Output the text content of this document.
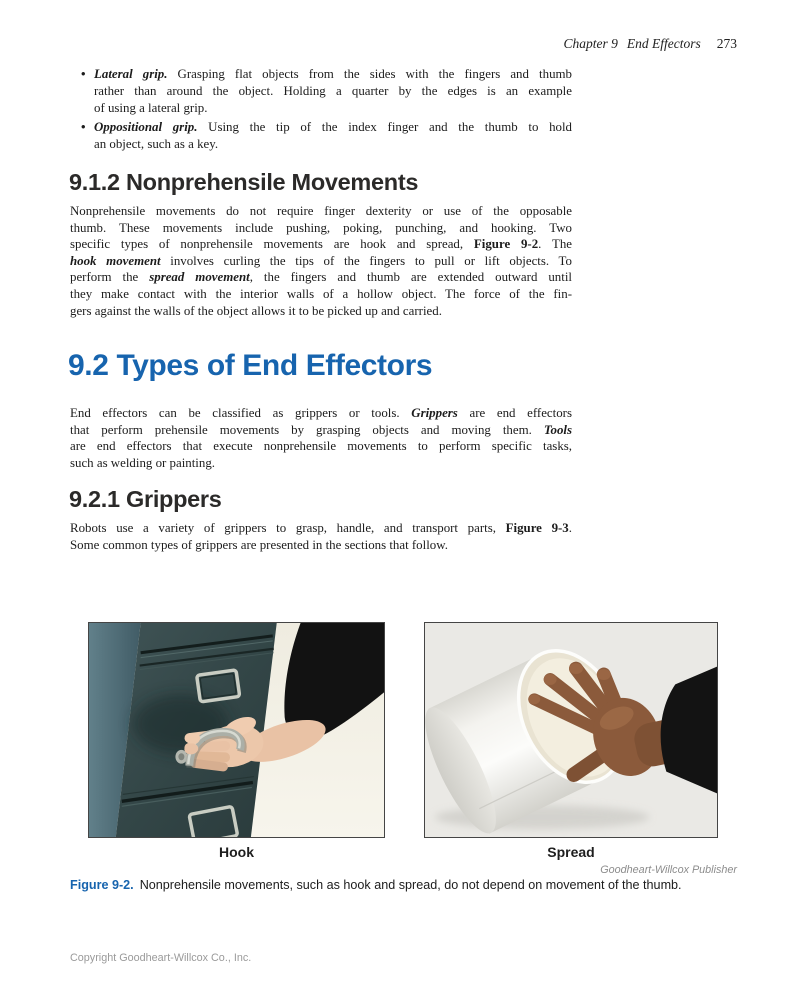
Chapter 9 End Effectors 273
Lateral grip. Grasping flat objects from the sides with the fingers and thumb
rather than around the object. Holding a quarter by the edges is an example
of using a lateral grip.
Oppositional grip. Using the tip of the index finger and the thumb to hold
an object, such as a key.
9.1.2 Nonprehensile Movements
Nonprehensile movements do not require finger dexterity or use of the opposable
thumb. These movements include pushing, poking, punching, and hooking. Two
specific types of nonprehensile movements are hook and spread, Figure 9-2. The
hook movement involves curling the tips of the fingers to pull or lift objects. To
perform the spread movement, the fingers and thumb are extended outward until
they make contact with the interior walls of a hollow object. The force of the fin-
gers against the walls of the object allows it to be picked up and carried.
9.2 Types of End Effectors
End effectors can be classified as grippers or tools. Grippers are end effectors
that perform prehensile movements by grasping objects and moving them. Tools
are end effectors that execute nonprehensile movements to perform specific tasks,
such as welding or painting.
9.2.1 Grippers
Robots use a variety of grippers to grasp, handle, and transport parts, Figure 9-3.
Some common types of grippers are presented in the sections that follow.
Hook	Spread
Goodheart-Willcox Publisher
Figure 9-2. Nonprehensile movements, such as hook and spread, do not depend on movement of the thumb.
Copyright Goodheart-Willcox Co., Inc.
